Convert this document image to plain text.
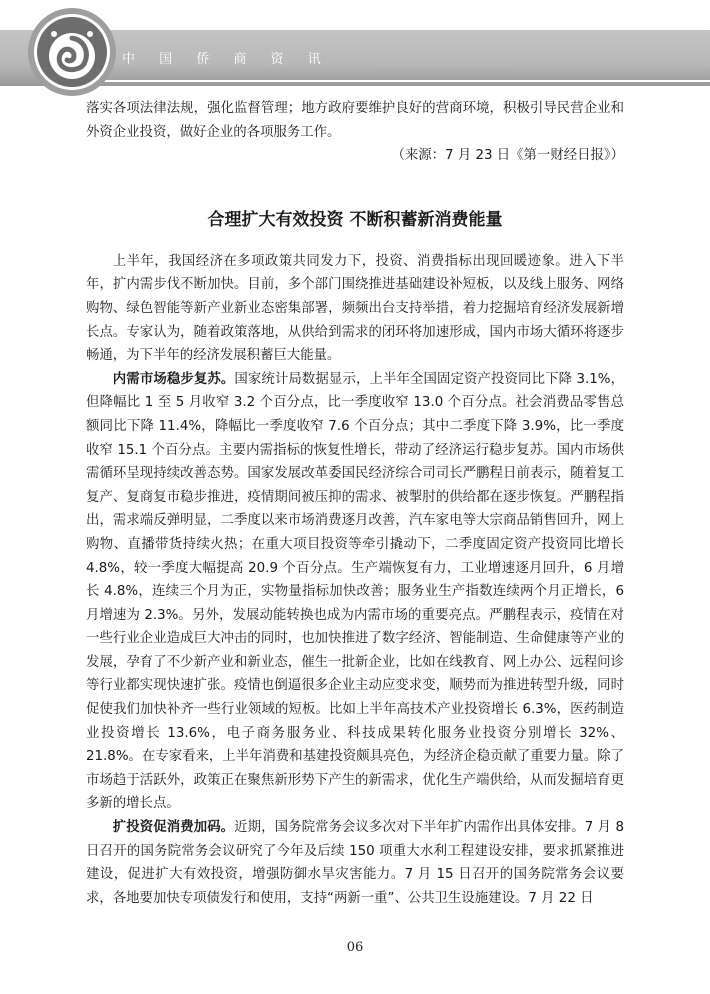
中 国 侨 商 资 讯

落实各项法律法规，强化监督管理；地方政府要维护良好的营商环境，积极引导民营企业和外资企业投资，做好企业的各项服务工作。

（来源：7 月 23 日《第一财经日报》）

合理扩大有效投资 不断积蓄新消费能量

上半年，我国经济在多项政策共同发力下，投资、消费指标出现回暖迹象。进入下半年，扩内需步伐不断加快。目前，多个部门围绕推进基础建设补短板，以及线上服务、网络购物、绿色智能等新产业新业态密集部署，频频出台支持举措，着力挖掘培育经济发展新增长点。专家认为，随着政策落地，从供给到需求的闭环将加速形成，国内市场大循环将逐步畅通，为下半年的经济发展积蓄巨大能量。

内需市场稳步复苏。国家统计局数据显示，上半年全国固定资产投资同比下降 3.1%，但降幅比 1 至 5 月收窄 3.2 个百分点，比一季度收窄 13.0 个百分点。社会消费品零售总额同比下降 11.4%，降幅比一季度收窄 7.6 个百分点；其中二季度下降 3.9%，比一季度收窄 15.1 个百分点。主要内需指标的恢复性增长，带动了经济运行稳步复苏。国内市场供需循环呈现持续改善态势。国家发展改革委国民经济综合司司长严鹏程日前表示，随着复工复产、复商复市稳步推进，疫情期间被压抑的需求、被掣肘的供给都在逐步恢复。严鹏程指出，需求端反弹明显，二季度以来市场消费逐月改善，汽车家电等大宗商品销售回升，网上购物、直播带货持续火热；在重大项目投资等牵引撬动下，二季度固定资产投资同比增长 4.8%，较一季度大幅提高 20.9 个百分点。生产端恢复有力，工业增速逐月回升，6 月增长 4.8%，连续三个月为正，实物量指标加快改善；服务业生产指数连续两个月正增长，6 月增速为 2.3%。另外，发展动能转换也成为内需市场的重要亮点。严鹏程表示，疫情在对一些行业企业造成巨大冲击的同时，也加快推进了数字经济、智能制造、生命健康等产业的发展，孕育了不少新产业和新业态，催生一批新企业，比如在线教育、网上办公、远程问诊等行业都实现快速扩张。疫情也倒逼很多企业主动应变求变，顺势而为推进转型升级，同时促使我们加快补齐一些行业领域的短板。比如上半年高技术产业投资增长 6.3%，医药制造业投资增长 13.6%，电子商务服务业、科技成果转化服务业投资分别增长 32%、21.8%。在专家看来，上半年消费和基建投资颇具亮色，为经济企稳贡献了重要力量。除了市场趋于活跃外，政策正在聚焦新形势下产生的新需求，优化生产端供给，从而发掘培育更多新的增长点。

扩投资促消费加码。近期，国务院常务会议多次对下半年扩内需作出具体安排。7 月 8 日召开的国务院常务会议研究了今年及后续 150 项重大水利工程建设安排，要求抓紧推进建设，促进扩大有效投资，增强防御水旱灾害能力。7 月 15 日召开的国务院常务会议要求，各地要加快专项债发行和使用，支持“两新一重”、公共卫生设施建设。7 月 22 日

06
